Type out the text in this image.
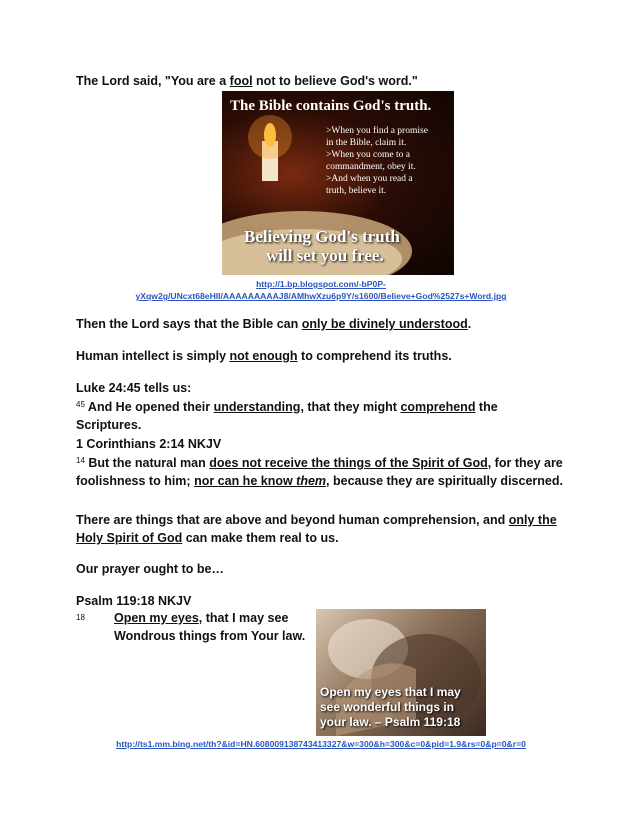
The Lord said, "You are a fool not to believe God's word."

The Bible contains God's truth.
>When you find a promise
in the Bible, claim it.
>When you come to a
commandment, obey it.
>And when you read a
truth, believe it.
Believing God's truth
will set you free.
http://1.bp.blogspot.com/-bP0P-
yXqw2g/UNcxt68eHlI/AAAAAAAAAJ8/AMhwXzu6p9Y/s1600/Believe+God%2527s+Word.jpg

Then the Lord says that the Bible can only be divinely understood.

Human intellect is simply not enough to comprehend its truths.

Luke 24:45 tells us:

$^{45}$ And He opened their understanding, that they might comprehend the Scriptures.

1 Corinthians 2:14 NKJV

$^{14}$ But the natural man does not receive the things of the Spirit of God, for they are foolishness to him; nor can he know them, because they are spiritually discerned.

There are things that are above and beyond human comprehension, and only the Holy Spirit of God can make them real to us.

Our prayer ought to be…

Psalm 119:18 NKJV

18 Open my eyes, that I may see
Wondrous things from Your law.
Open my eyes that I may
see wonderful things in
your law. – Psalm 119:18
http://ts1.mm.bing.net/th?&id=HN.608009138743413327&w=300&h=300&c=0&pid=1.9&rs=0&p=0&r=0
